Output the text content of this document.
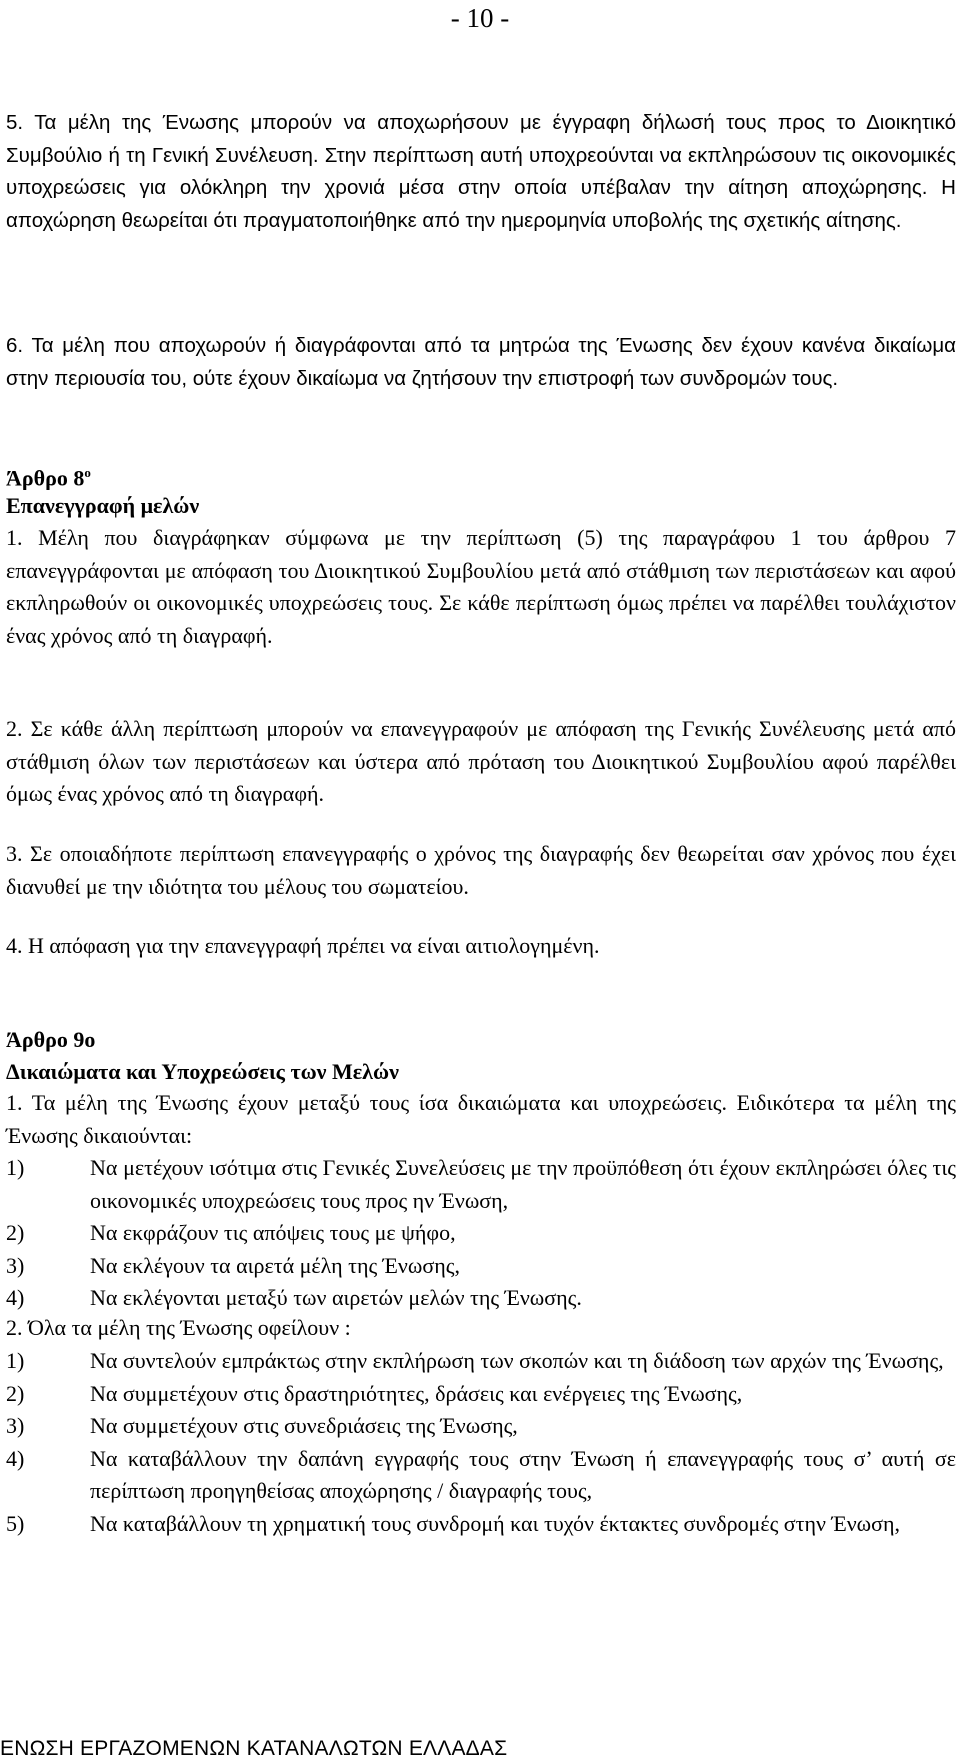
- 10 -

5. Τα μέλη της Ένωσης μπορούν να αποχωρήσουν με έγγραφη δήλωσή τους προς το Διοικητικό Συμβούλιο ή τη Γενική Συνέλευση. Στην περίπτωση αυτή υποχρεούνται να εκπληρώσουν τις οικονομικές υποχρεώσεις για ολόκληρη την χρονιά μέσα στην οποία υπέβαλαν την αίτηση αποχώρησης. Η αποχώρηση θεωρείται ότι πραγματοποιήθηκε από την ημερομηνία υποβολής της σχετικής αίτησης.

6. Τα μέλη που αποχωρούν ή διαγράφονται από τα μητρώα της Ένωσης δεν έχουν κανένα δικαίωμα στην περιουσία του, ούτε έχουν δικαίωμα να ζητήσουν την επιστροφή των συνδρομών τους.

Άρθρο $8^o$
Επανεγγραφή μελών

1. Μέλη που διαγράφηκαν σύμφωνα με την περίπτωση (5) της παραγράφου 1 του άρθρου 7 επανεγγράφονται με απόφαση του Διοικητικού Συμβουλίου μετά από στάθμιση των περιστάσεων και αφού εκπληρωθούν οι οικονομικές υποχρεώσεις τους. Σε κάθε περίπτωση όμως πρέπει να παρέλθει τουλάχιστον ένας χρόνος από τη διαγραφή.

2. Σε κάθε άλλη περίπτωση μπορούν να επανεγγραφούν με απόφαση της Γενικής Συνέλευσης μετά από στάθμιση όλων των περιστάσεων και ύστερα από πρόταση του Διοικητικού Συμβουλίου αφού παρέλθει όμως ένας χρόνος από τη διαγραφή.

3. Σε οποιαδήποτε περίπτωση επανεγγραφής ο χρόνος της διαγραφής δεν θεωρείται σαν χρόνος που έχει διανυθεί με την ιδιότητα του μέλους του σωματείου.

4. Η απόφαση για την επανεγγραφή πρέπει να είναι αιτιολογημένη.

Άρθρο 9ο
Δικαιώματα και Υποχρεώσεις των Μελών

1. Τα μέλη της Ένωσης έχουν μεταξύ τους ίσα δικαιώματα και υποχρεώσεις. Ειδικότερα τα μέλη της Ένωσης δικαιούνται:

1)	Να μετέχουν ισότιμα στις Γενικές Συνελεύσεις με την προϋπόθεση ότι έχουν εκπληρώσει όλες τις οικονομικές υποχρεώσεις τους προς ην Ένωση,
2)	Να εκφράζουν τις απόψεις τους με ψήφο,
3)	Να εκλέγουν τα αιρετά μέλη της Ένωσης,
4)	Να εκλέγονται μεταξύ των αιρετών μελών της Ένωσης.

2. Όλα τα μέλη της Ένωσης οφείλουν :

1)	Να συντελούν εμπράκτως στην εκπλήρωση των σκοπών και τη διάδοση των αρχών της Ένωσης,
2)	Να συμμετέχουν στις δραστηριότητες, δράσεις και ενέργειες της Ένωσης,
3)	Να συμμετέχουν στις συνεδριάσεις της Ένωσης,
4)	Να καταβάλλουν την δαπάνη εγγραφής τους στην Ένωση ή επανεγγραφής τους σ’ αυτή σε περίπτωση προηγηθείσας αποχώρησης / διαγραφής τους,
5)	Να καταβάλλουν τη χρηματική τους συνδρομή και τυχόν έκτακτες συνδρομές στην Ένωση,
ΕΝΩΣΗ ΕΡΓΑΖΟΜΕΝΩΝ ΚΑΤΑΝΑΛΩΤΩΝ ΕΛΛΑΔΑΣ
